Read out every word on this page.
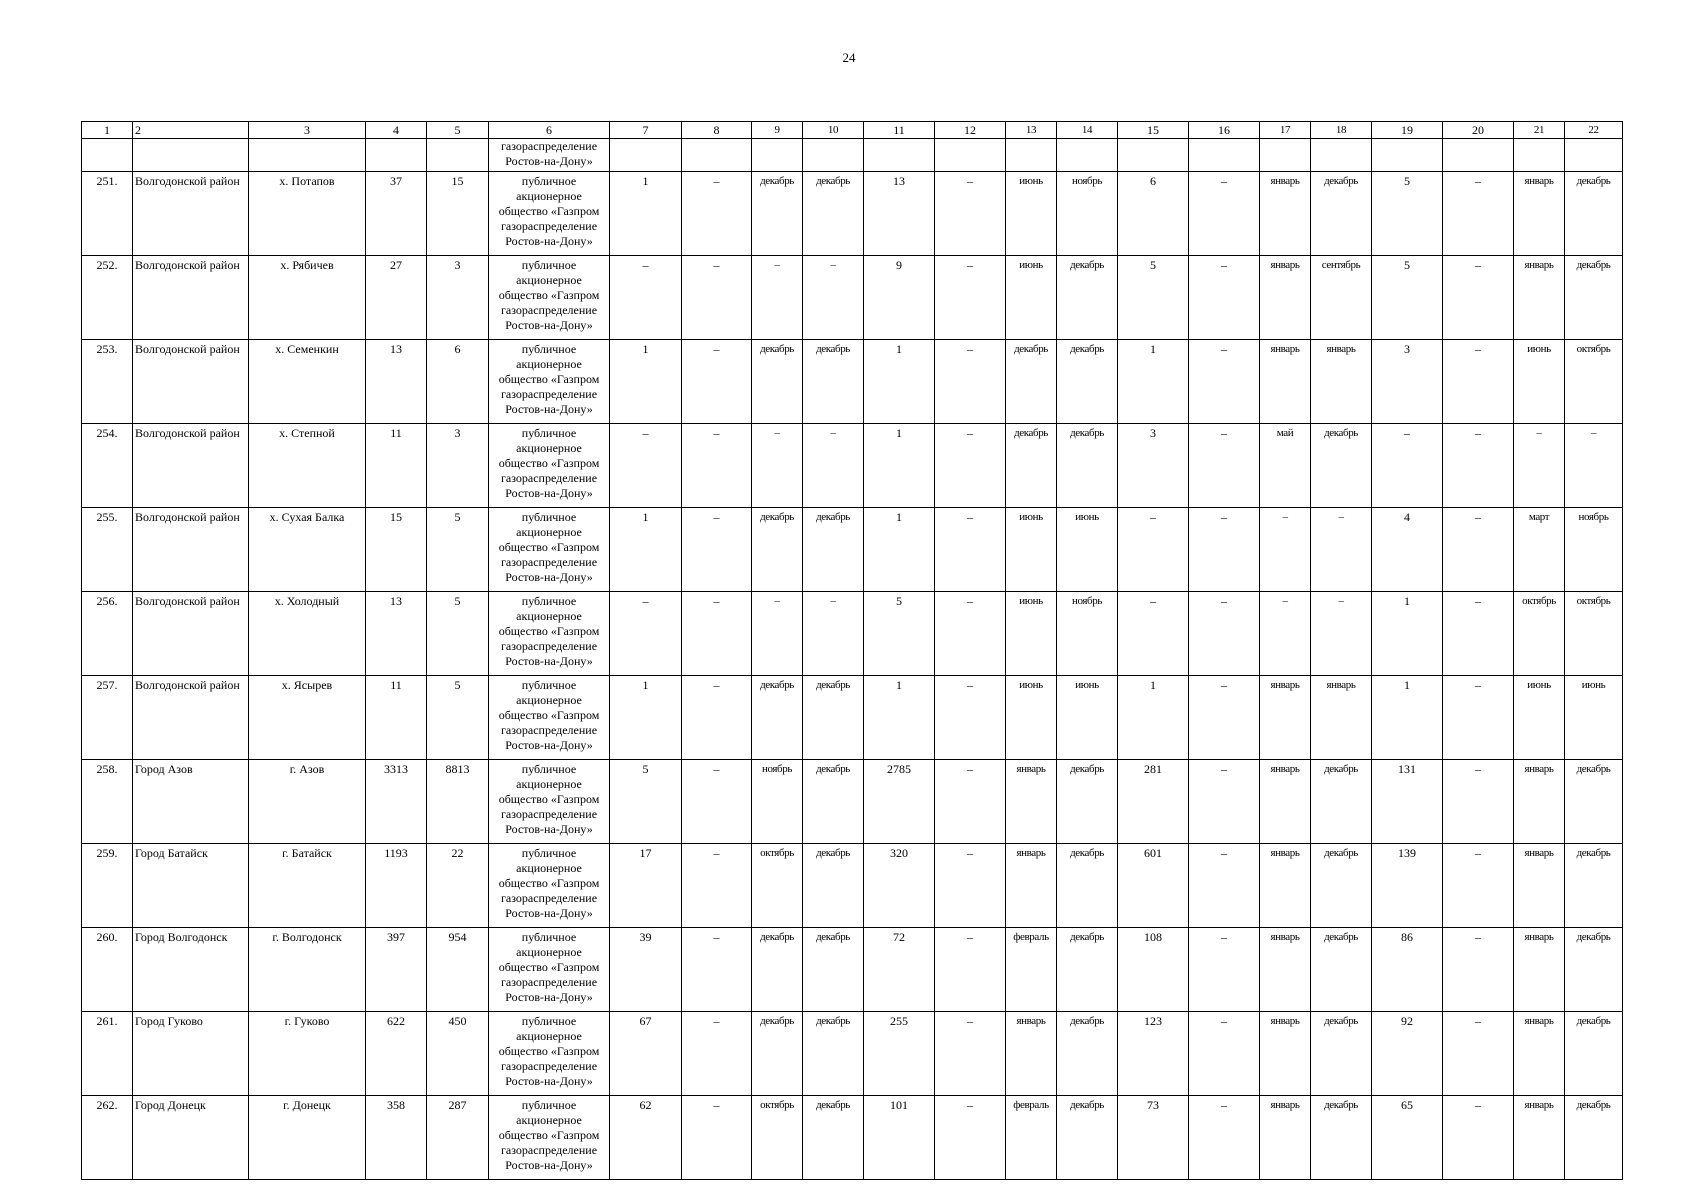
24
1	2	3	4	5	6	7	8	9	10	11	12	13	14	15	16	17	18	19	20	21	22
					газораспределение Ростов-на-Дону»																
251.	Волгодонской район	х. Потапов	37	15	публичное акционерное общество «Газпром газораспределение Ростов-на-Дону»	1	–	декабрь	декабрь	13	–	июнь	ноябрь	6	–	январь	декабрь	5	–	январь	декабрь
252.	Волгодонской район	х. Рябичев	27	3	публичное акционерное общество «Газпром газораспределение Ростов-на-Дону»	–	–	–	–	9	–	июнь	декабрь	5	–	январь	сентябрь	5	–	январь	декабрь
253.	Волгодонской район	х. Семенкин	13	6	публичное акционерное общество «Газпром газораспределение Ростов-на-Дону»	1	–	декабрь	декабрь	1	–	декабрь	декабрь	1	–	январь	январь	3	–	июнь	октябрь
254.	Волгодонской район	х. Степной	11	3	публичное акционерное общество «Газпром газораспределение Ростов-на-Дону»	–	–	–	–	1	–	декабрь	декабрь	3	–	май	декабрь	–	–	–	–
255.	Волгодонской район	х. Сухая Балка	15	5	публичное акционерное общество «Газпром газораспределение Ростов-на-Дону»	1	–	декабрь	декабрь	1	–	июнь	июнь	–	–	–	–	4	–	март	ноябрь
256.	Волгодонской район	х. Холодный	13	5	публичное акционерное общество «Газпром газораспределение Ростов-на-Дону»	–	–	–	–	5	–	июнь	ноябрь	–	–	–	–	1	–	октябрь	октябрь
257.	Волгодонской район	х. Ясырев	11	5	публичное акционерное общество «Газпром газораспределение Ростов-на-Дону»	1	–	декабрь	декабрь	1	–	июнь	июнь	1	–	январь	январь	1	–	июнь	июнь
258.	Город Азов	г. Азов	3313	8813	публичное акционерное общество «Газпром газораспределение Ростов-на-Дону»	5	–	ноябрь	декабрь	2785	–	январь	декабрь	281	–	январь	декабрь	131	–	январь	декабрь
259.	Город Батайск	г. Батайск	1193	22	публичное акционерное общество «Газпром газораспределение Ростов-на-Дону»	17	–	октябрь	декабрь	320	–	январь	декабрь	601	–	январь	декабрь	139	–	январь	декабрь
260.	Город Волгодонск	г. Волгодонск	397	954	публичное акционерное общество «Газпром газораспределение Ростов-на-Дону»	39	–	декабрь	декабрь	72	–	февраль	декабрь	108	–	январь	декабрь	86	–	январь	декабрь
261.	Город Гуково	г. Гуково	622	450	публичное акционерное общество «Газпром газораспределение Ростов-на-Дону»	67	–	декабрь	декабрь	255	–	январь	декабрь	123	–	январь	декабрь	92	–	январь	декабрь
262.	Город Донецк	г. Донецк	358	287	публичное акционерное общество «Газпром газораспределение Ростов-на-Дону»	62	–	октябрь	декабрь	101	–	февраль	декабрь	73	–	январь	декабрь	65	–	январь	декабрь
